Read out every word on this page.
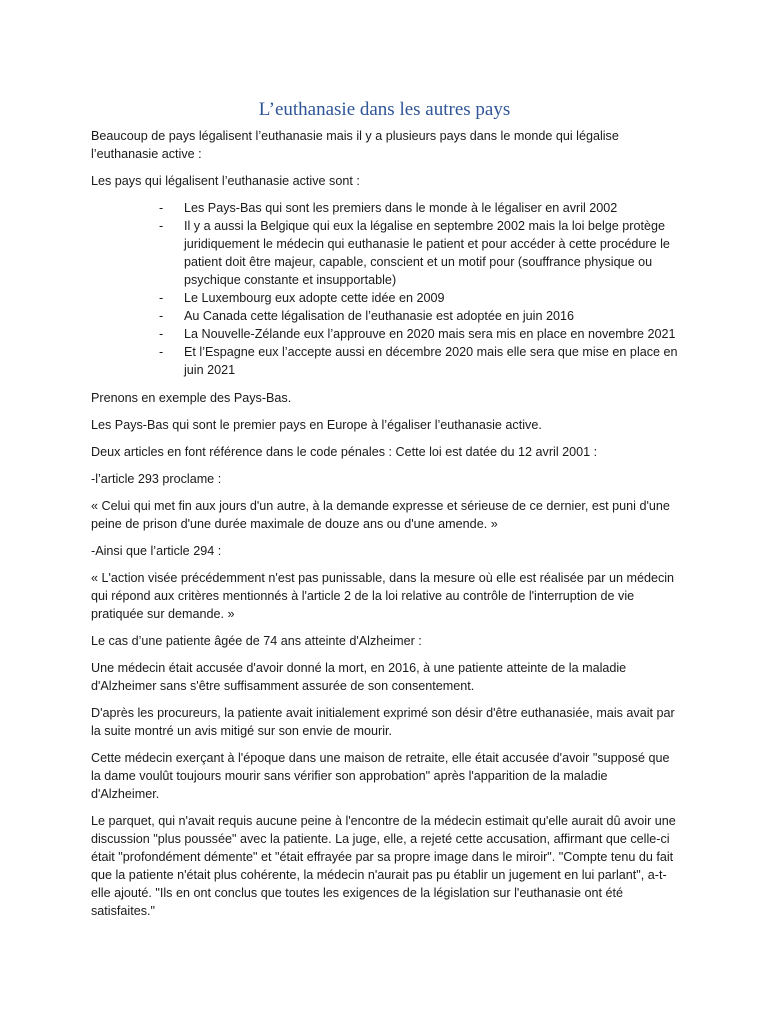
L’euthanasie dans les autres pays

Beaucoup de pays légalisent l’euthanasie mais il y a plusieurs pays dans le monde qui légalise l’euthanasie active :

Les pays qui légalisent l’euthanasie active sont :

- Les Pays-Bas qui sont les premiers dans le monde à le légaliser en avril 2002
- Il y a aussi la Belgique qui eux la légalise en septembre 2002 mais la loi belge protège juridiquement le médecin qui euthanasie le patient et pour accéder à cette procédure le patient doit être majeur, capable, conscient et un motif pour (souffrance physique ou psychique constante et insupportable)
- Le Luxembourg eux adopte cette idée en 2009
- Au Canada cette légalisation de l’euthanasie est adoptée en juin 2016
- La Nouvelle-Zélande eux l’approuve en 2020 mais sera mis en place en novembre 2021
- Et l’Espagne eux l’accepte aussi en décembre 2020 mais elle sera que mise en place en juin 2021

Prenons en exemple des Pays-Bas.

Les Pays-Bas qui sont le premier pays en Europe à l’égaliser l’euthanasie active.

Deux articles en font référence dans le code pénales : Cette loi est datée du 12 avril 2001 :

-l’article 293 proclame :

« Celui qui met fin aux jours d'un autre, à la demande expresse et sérieuse de ce dernier, est puni d'une peine de prison d'une durée maximale de douze ans ou d'une amende. »

-Ainsi que l’article 294 :

« L'action visée précédemment n'est pas punissable, dans la mesure où elle est réalisée par un médecin qui répond aux critères mentionnés à l'article 2 de la loi relative au contrôle de l'interruption de vie pratiquée sur demande. »

Le cas d’une patiente âgée de 74 ans atteinte d'Alzheimer :

Une médecin était accusée d'avoir donné la mort, en 2016, à une patiente atteinte de la maladie d'Alzheimer sans s'être suffisamment assurée de son consentement.

D'après les procureurs, la patiente avait initialement exprimé son désir d'être euthanasiée, mais avait par la suite montré un avis mitigé sur son envie de mourir.

Cette médecin exerçant à l'époque dans une maison de retraite, elle était accusée d'avoir "supposé que la dame voulût toujours mourir sans vérifier son approbation" après l'apparition de la maladie d'Alzheimer.

Le parquet, qui n'avait requis aucune peine à l'encontre de la médecin estimait qu'elle aurait dû avoir une discussion "plus poussée" avec la patiente. La juge, elle, a rejeté cette accusation, affirmant que celle-ci était "profondément démente" et "était effrayée par sa propre image dans le miroir". "Compte tenu du fait que la patiente n'était plus cohérente, la médecin n'aurait pas pu établir un jugement en lui parlant", a-t-elle ajouté. "Ils en ont conclus que toutes les exigences de la législation sur l'euthanasie ont été satisfaites."
